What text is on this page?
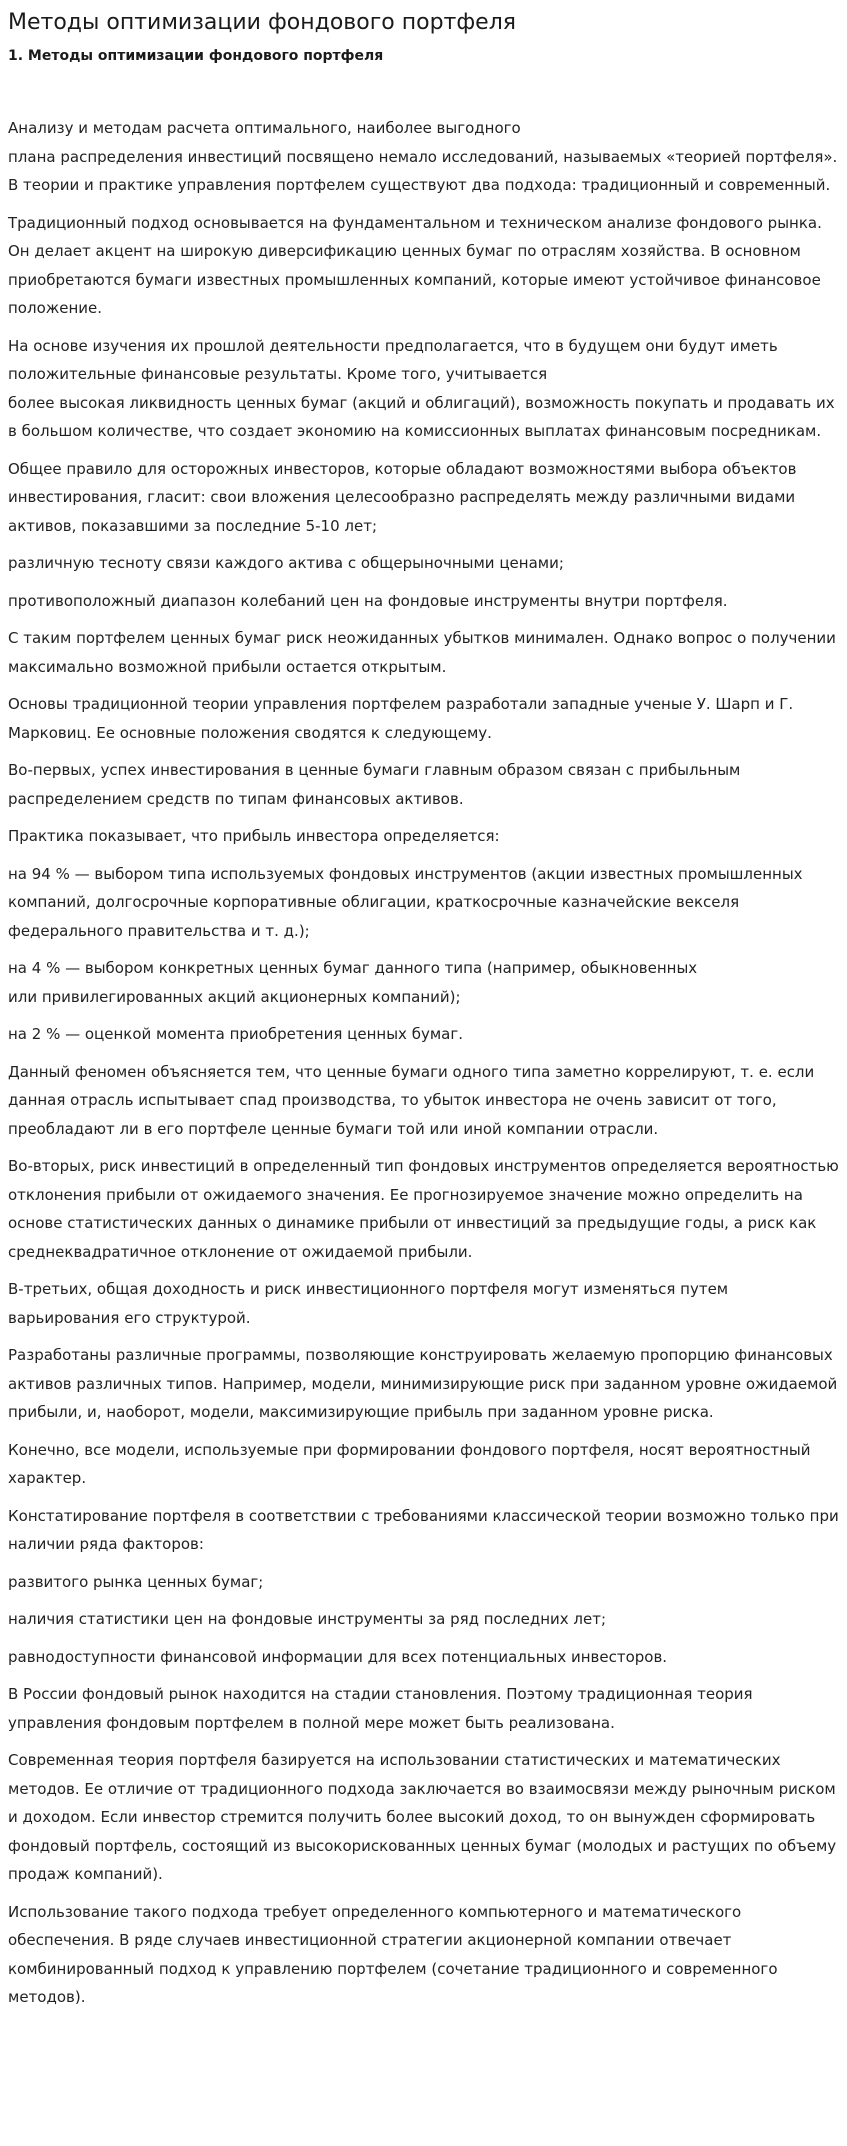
Методы оптимизации фондового портфеля
1. Методы оптимизации фондового портфеля

Анализу и методам расчета оптимального, наиболее выгодного
плана распределения инвестиций посвящено немало исследований, называемых «теорией портфеля». В теории и практике управления портфелем существуют два подхода: традиционный и современный.

Традиционный подход основывается на фундаментальном и техническом анализе фондового рынка. Он делает акцент на широкую диверсификацию ценных бумаг по отраслям хозяйства. В основном приобретаются бумаги известных промышленных компаний, которые имеют устойчивое финансовое положение.

На основе изучения их прошлой деятельности предполагается, что в будущем они будут иметь положительные финансовые результаты. Кроме того, учитывается
более высокая ликвидность ценных бумаг (акций и облигаций), возможность покупать и продавать их в большом количестве, что создает экономию на комиссионных выплатах финансовым посредникам.

Общее правило для осторожных инвесторов, которые обладают возможностями выбора объектов инвестирования, гласит: свои вложения целесообразно распределять между различными видами активов, показавшими за последние 5-10 лет;

различную тесноту связи каждого актива с общерыночными ценами;

противоположный диапазон колебаний цен на фондовые инструменты внутри портфеля.

С таким портфелем ценных бумаг риск неожиданных убытков минимален. Однако вопрос о получении максимально возможной прибыли остается открытым.

Основы традиционной теории управления портфелем разработали западные ученые У. Шарп и Г. Марковиц. Ее основные положения сводятся к следующему.

Во-первых, успех инвестирования в ценные бумаги главным образом связан с прибыльным распределением средств по типам финансовых активов.

Практика показывает, что прибыль инвестора определяется:

на 94 % — выбором типа используемых фондовых инструментов (акции известных промышленных компаний, долгосрочные корпоративные облигации, краткосрочные казначейские векселя федерального правительства и т. д.);

на 4 % — выбором конкретных ценных бумаг данного типа (например, обыкновенных
или привилегированных акций акционерных компаний);

на 2 % — оценкой момента приобретения ценных бумаг.

Данный феномен объясняется тем, что ценные бумаги одного типа заметно коррелируют, т. е. если данная отрасль испытывает спад производства, то убыток инвестора не очень зависит от того, преобладают ли в его портфеле ценные бумаги той или иной компании отрасли.

Во-вторых, риск инвестиций в определенный тип фондовых инструментов определяется вероятностью отклонения прибыли от ожидаемого значения. Ее прогнозируемое значение можно определить на основе статистических данных о динамике прибыли от инвестиций за предыдущие годы, а риск как среднеквадратичное отклонение от ожидаемой прибыли.

В-третьих, общая доходность и риск инвестиционного портфеля могут изменяться путем варьирования его структурой.

Разработаны различные программы, позволяющие конструировать желаемую пропорцию финансовых активов различных типов. Например, модели, минимизирующие риск при заданном уровне ожидаемой прибыли, и, наоборот, модели, максимизирующие прибыль при заданном уровне риска.

Конечно, все модели, используемые при формировании фондового портфеля, носят вероятностный характер.

Констатирование портфеля в соответствии с требованиями классической теории возможно только при наличии ряда факторов:

развитого рынка ценных бумаг;

наличия статистики цен на фондовые инструменты за ряд последних лет;

равнодоступности финансовой информации для всех потенциальных инвесторов.

В России фондовый рынок находится на стадии становления. Поэтому традиционная теория управления фондовым портфелем в полной мере может быть реализована.

Современная теория портфеля базируется на использовании статистических и математических методов. Ее отличие от традиционного подхода заключается во взаимосвязи между рыночным риском и доходом. Если инвестор стремится получить более высокий доход, то он вынужден сформировать фондовый портфель, состоящий из высокорискованных ценных бумаг (молодых и растущих по объему продаж компаний).

Использование такого подхода требует определенного компьютерного и математического обеспечения. В ряде случаев инвестиционной стратегии акционерной компании отвечает комбинированный подход к управлению портфелем (сочетание традиционного и современного методов).
